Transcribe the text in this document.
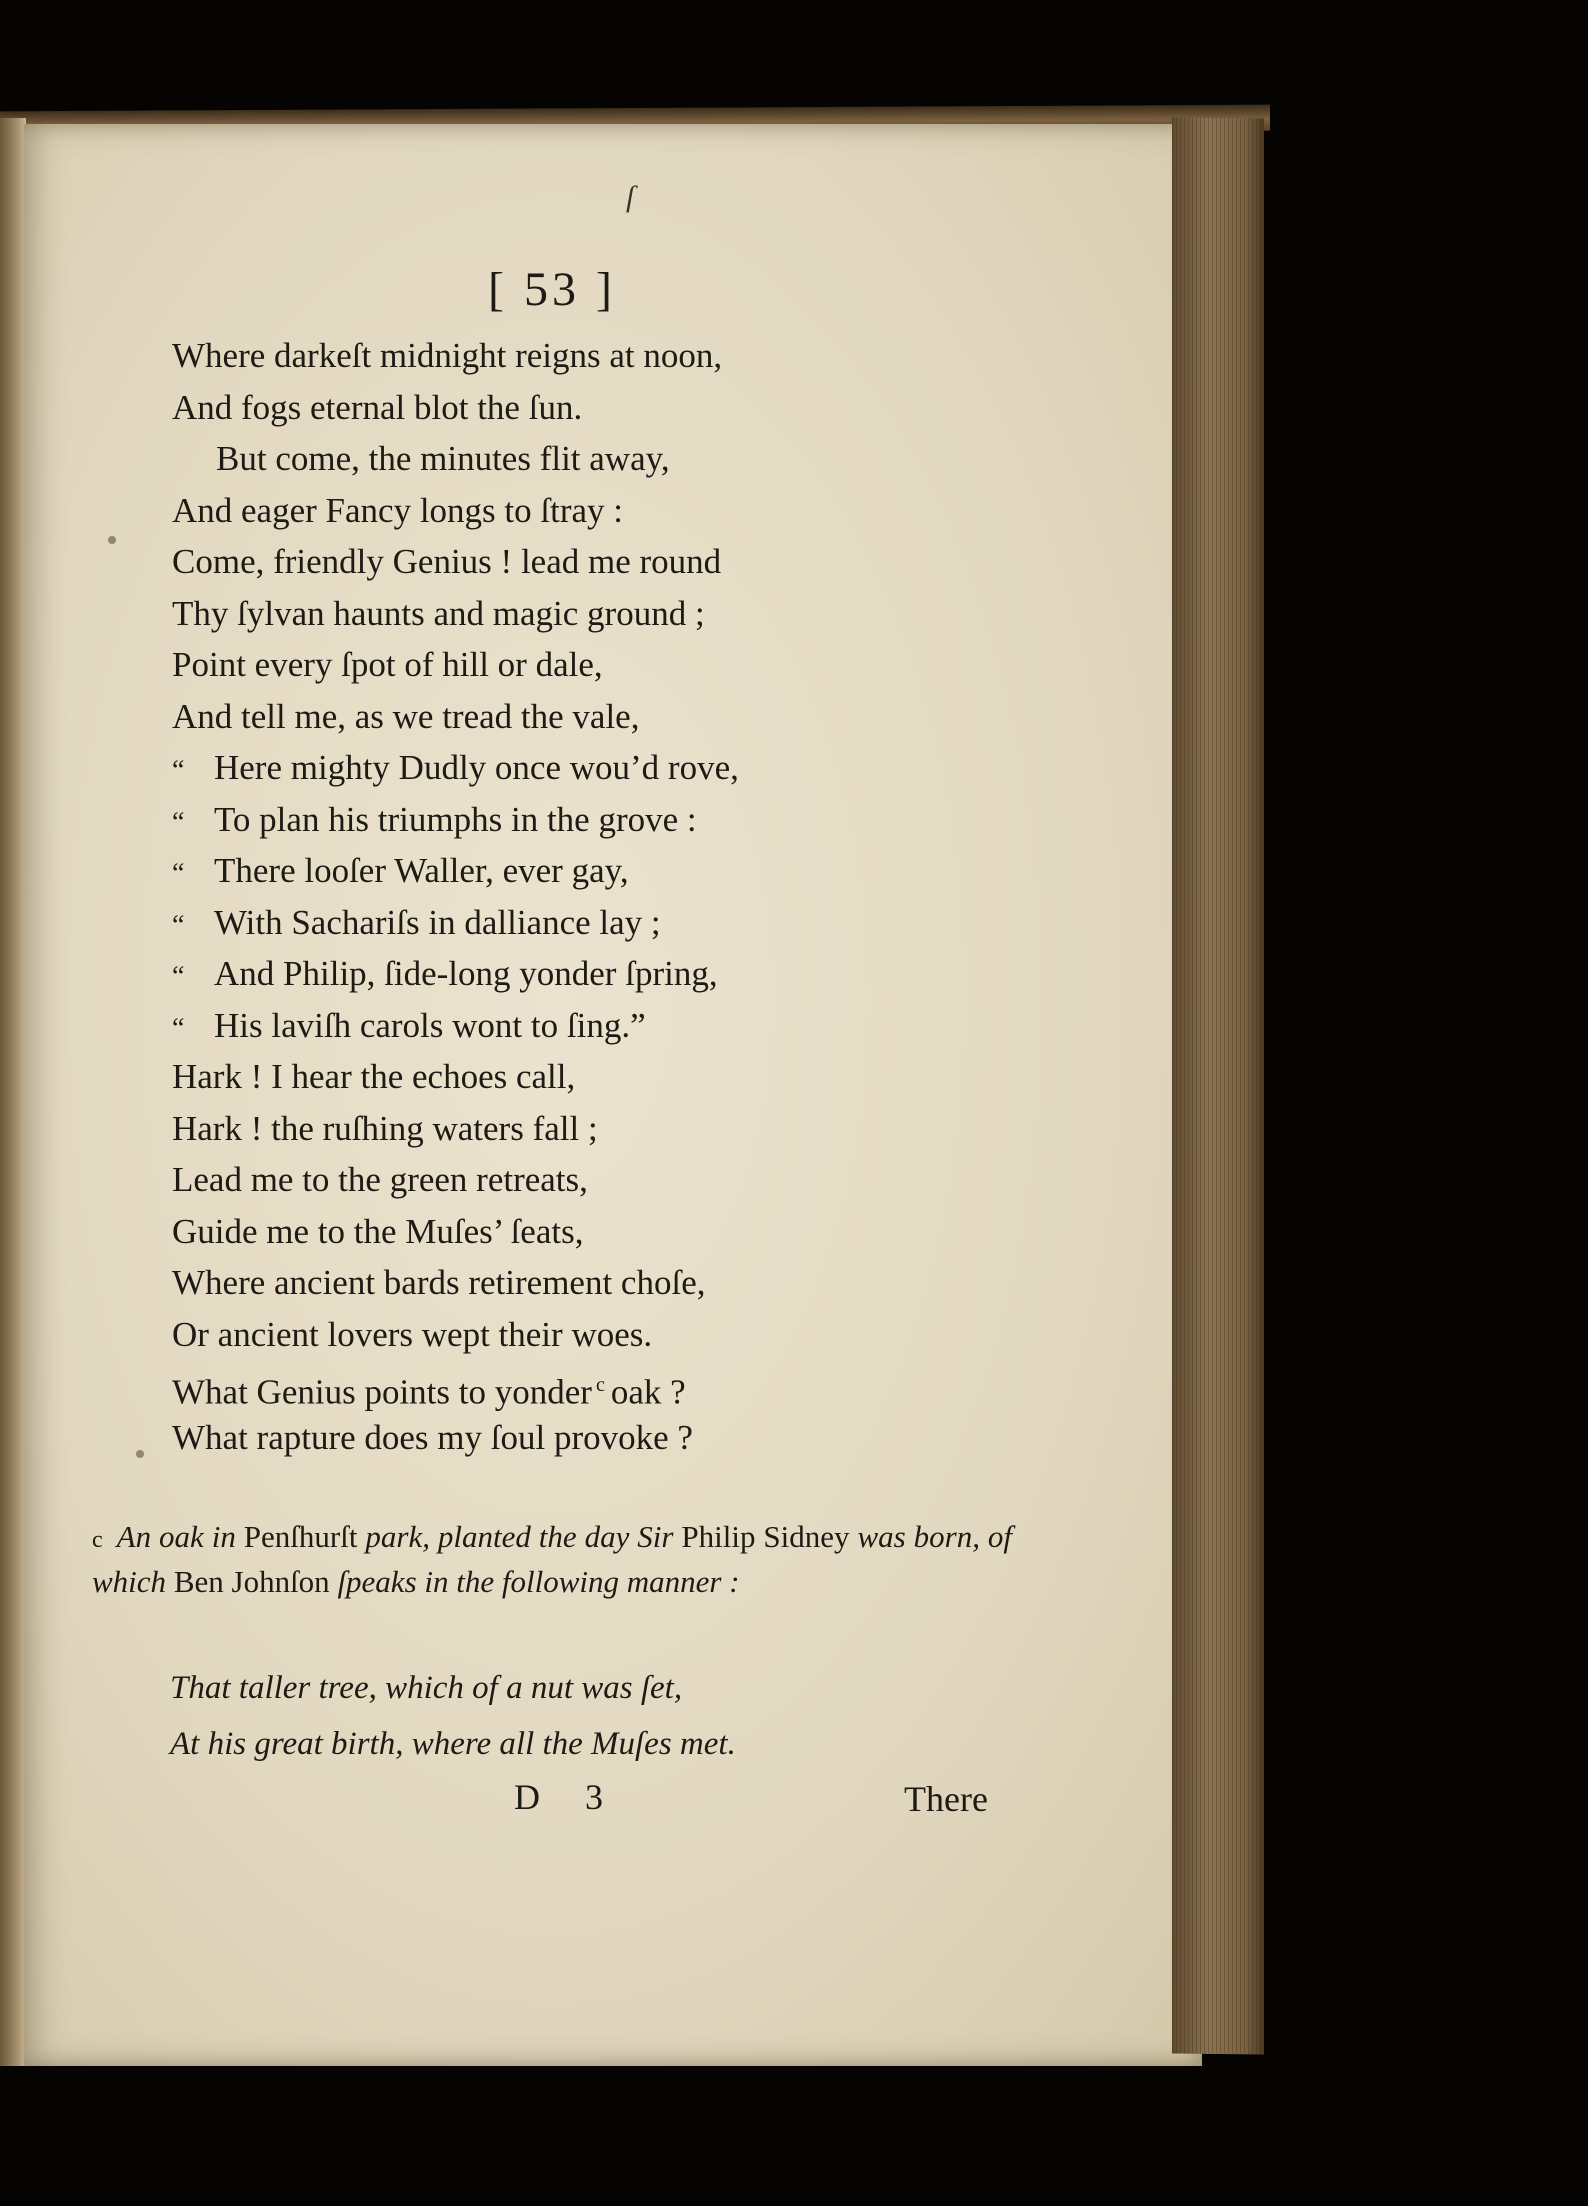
ſ
[ 53 ]
Where darkeſt midnight reigns at noon,
And fogs eternal blot the ſun.
But come, the minutes flit away,
And eager Fancy longs to ſtray :
Come, friendly Genius ! lead me round
Thy ſylvan haunts and magic ground ;
Point every ſpot of hill or dale,
And tell me, as we tread the vale,
“ Here mighty Dudly once wou’d rove,
“ To plan his triumphs in the grove :
“ There looſer Waller, ever gay,
“ With Sachariſs in dalliance lay ;
“ And Philip, ſide-long yonder ſpring,
“ His laviſh carols wont to ſing.”
Hark ! I hear the echoes call,
Hark ! the ruſhing waters fall ;
Lead me to the green retreats,
Guide me to the Muſes’ ſeats,
Where ancient bards retirement choſe,
Or ancient lovers wept their woes.
What Genius points to yonder $^c$ oak ?
What rapture does my ſoul provoke ?

c An oak in Penſhurſt park, planted the day Sir Philip Sidney was born, of which Ben Johnſon ſpeaks in the following manner :

That taller tree, which of a nut was ſet,
At his great birth, where all the Muſes met.
D 3	There
